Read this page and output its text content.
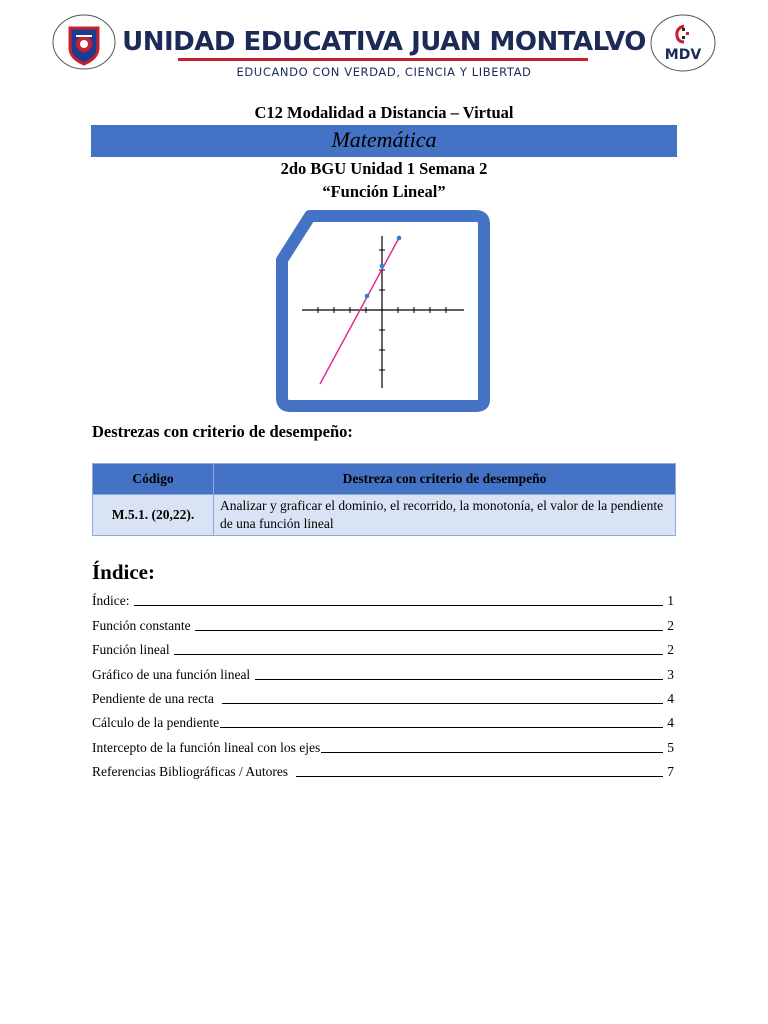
UNIDAD EDUCATIVA JUAN MONTALVO
EDUCANDO CON VERDAD, CIENCIA Y LIBERTAD
MDV
C12 Modalidad a Distancia – Virtual
Matemática
2do BGU Unidad 1 Semana 2
“Función Lineal”
Destrezas con criterio de desempeño:
Código	Destreza con criterio de desempeño
M.5.1. (20,22).	Analizar y graficar el dominio, el recorrido, la monotonía, el valor de la pendiente de una función lineal
Índice:
Índice:	1
Función constante	2
Función lineal	2
Gráfico de una función lineal	3
Pendiente de una recta	4
Cálculo de la pendiente	4
Intercepto de la función lineal con los ejes	5
Referencias Bibliográficas / Autores	7
